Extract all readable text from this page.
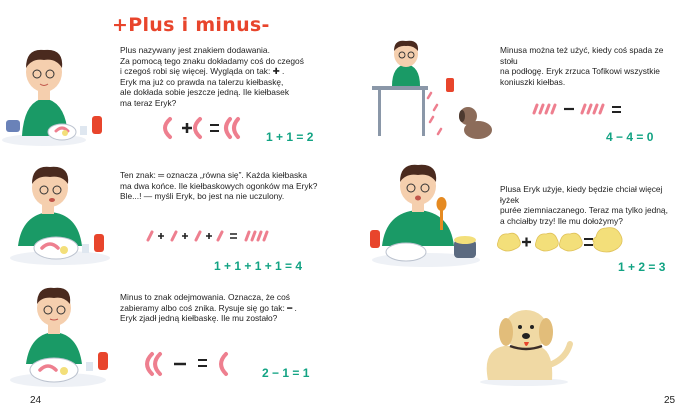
+Plus i minus-
Plus nazywany jest znakiem dodawania.
Za pomocą tego znaku dokładamy coś do czegoś
i czegoś robi się więcej. Wygląda on tak: ✚ .
Eryk ma już co prawda na talerzu kiełbaskę,
ale dokłada sobie jeszcze jedną. Ile kiełbasek
ma teraz Eryk?
1 + 1 = 2
Ten znak: ═ oznacza „równa się”. Każda kiełbaska
ma dwa końce. Ile kiełbaskowych ogonków ma Eryk?
Ble...! — myśli Eryk, bo jest na nie uczulony.
1 + 1 + 1 + 1 = 4
Minus to znak odejmowania. Oznacza, że coś
zabieramy albo coś znika. Rysuje się go tak: ━ .
Eryk zjadł jedną kiełbaskę. Ile mu zostało?
2 − 1 = 1
24
Minusa można też użyć, kiedy coś spada ze stołu
na podłogę. Eryk zrzuca Tofikowi wszystkie
koniuszki kiełbas.
4 − 4 = 0
Plusa Eryk użyje, kiedy będzie chciał więcej łyżek
purée ziemniaczanego. Teraz ma tylko jedną,
a chciałby trzy! Ile mu dołożymy?
1 + 2 = 3
25
